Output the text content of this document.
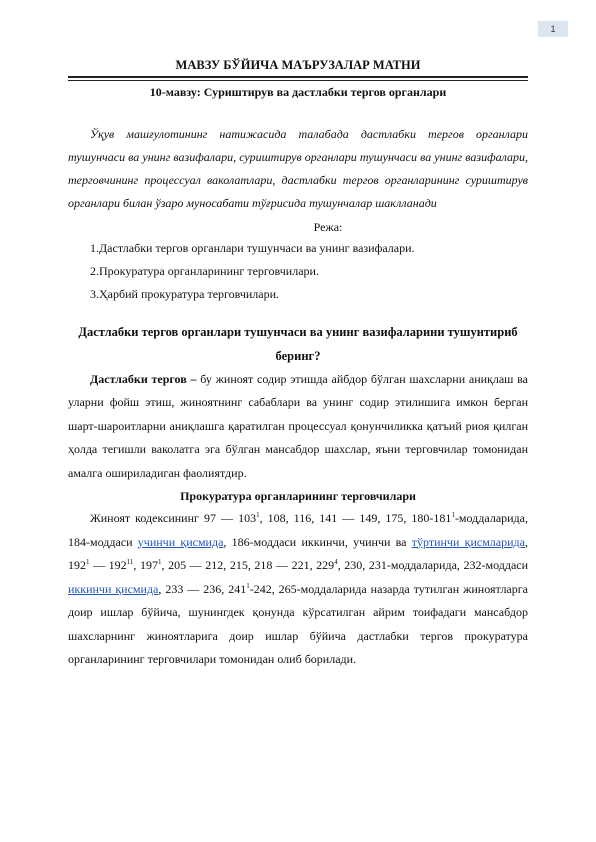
1
МАВЗУ БЎЙИЧА МАЪРУЗАЛАР МАТНИ
10-мавзу: Суриштирув ва дастлабки тергов органлари

Ўқув машғулотининг натижасида талабада дастлабки тергов органлари тушунчаси ва унинг вазифалари, суриштирув органлари тушунчаси ва унинг вазифалари, терговчининг процессуал ваколатлари, дастлабки тергов органларининг суриштирув органлари билан ўзаро муносабати тўғрисида тушунчалар шаклланади

Режа:

1.Дастлабки тергов органлари тушунчаси ва унинг вазифалари.

2.Прокуратура органларининг терговчилари.

3.Ҳарбий прокуратура терговчилари.

Дастлабки тергов органлари тушунчаси ва унинг вазифаларини тушунтириб беринг?

Дастлабки тергов – бу жиноят содир этишда айбдор бўлган шахсларни аниқлаш ва уларни фойш этиш, жиноятнинг сабаблари ва унинг содир этилишига имкон берган шарт-шароитларни аниқлашга қаратилган процессуал қонунчиликка қатъий риоя қилган ҳолда тегишли ваколатга эга бўлган мансабдор шахслар, яъни терговчилар томонидан амалга ошириладиган фаолиятдир.

Прокуратура органларининг терговчилари

Жиноят кодексининг 97 — $103^1$, 108, 116, 141 — 149, 175, $180-181^1$-моддаларида, 184-моддаси учинчи қисмида, 186-моддаси иккинчи, учинчи ва тўртинчи қисмларида, $192^1$ — $192^{11}$, $197^1$, 205 — 212, 215, 218 — 221, $229^4$, 230, 231-моддаларида, 232-моддаси иккинчи қисмида, 233 — 236, $241^1-242$, 265-моддаларида назарда тутилган жиноятларга доир ишлар бўйича, шунингдек қонунда кўрсатилган айрим тоифадаги мансабдор шахсларнинг жиноятларига доир ишлар бўйича дастлабки тергов прокуратура органларининг терговчилари томонидан олиб борилади.
